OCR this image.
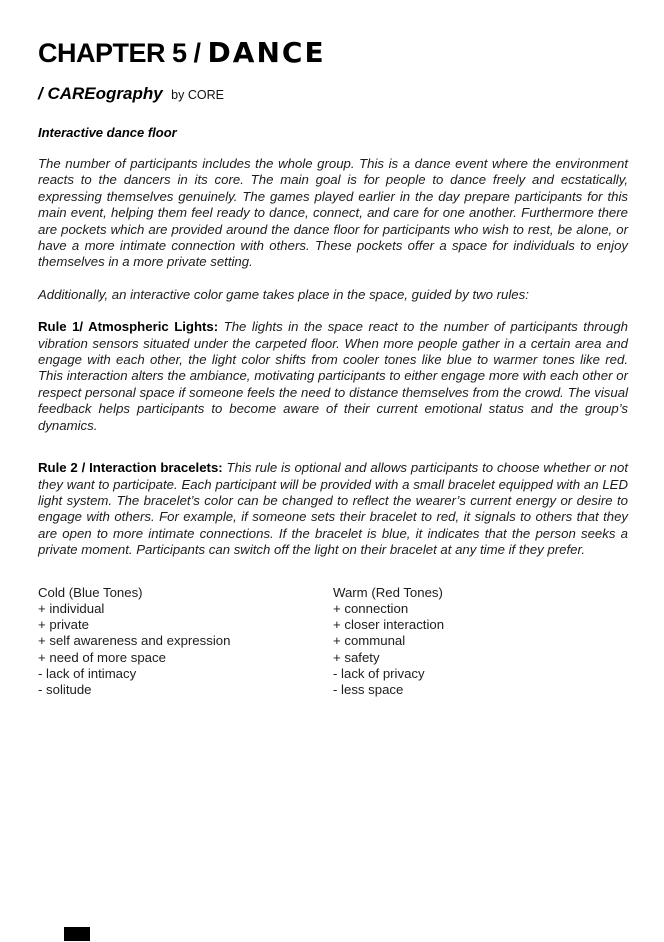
CHAPTER 5 / DANCE
/ CAREography by CORE
Interactive dance floor

The number of participants includes the whole group. This is a dance event where the environment reacts to the dancers in its core. The main goal is for people to dance freely and ecstatically, expressing themselves genuinely. The games played earlier in the day prepare participants for this main event, helping them feel ready to dance, connect, and care for one another. Furthermore there are pockets which are provided around the dance floor for participants who wish to rest, be alone, or have a more intimate connection with others. These pockets offer a space for individuals to enjoy themselves in a more private setting.

Additionally, an interactive color game takes place in the space, guided by two rules:

Rule 1/ Atmospheric Lights: The lights in the space react to the number of participants through vibration sensors situated under the carpeted floor. When more people gather in a certain area and engage with each other, the light color shifts from cooler tones like blue to warmer tones like red. This interaction alters the ambiance, motivating participants to either engage more with each other or respect personal space if someone feels the need to distance themselves from the crowd. The visual feedback helps participants to become aware of their current emotional status and the group’s dynamics.

Rule 2 / Interaction bracelets: This rule is optional and allows participants to choose whether or not they want to participate. Each participant will be provided with a small bracelet equipped with an LED light system. The bracelet’s color can be changed to reflect the wearer’s current energy or desire to engage with others. For example, if someone sets their bracelet to red, it signals to others that they are open to more intimate connections. If the bracelet is blue, it indicates that the person seeks a private moment. Participants can switch off the light on their bracelet at any time if they prefer.

Cold (Blue Tones)
+ individual
+ private
+ self awareness and expression
+ need of more space
- lack of intimacy
- solitude
Warm (Red Tones)
+ connection
+ closer interaction
+ communal
+ safety
- lack of privacy
- less space
